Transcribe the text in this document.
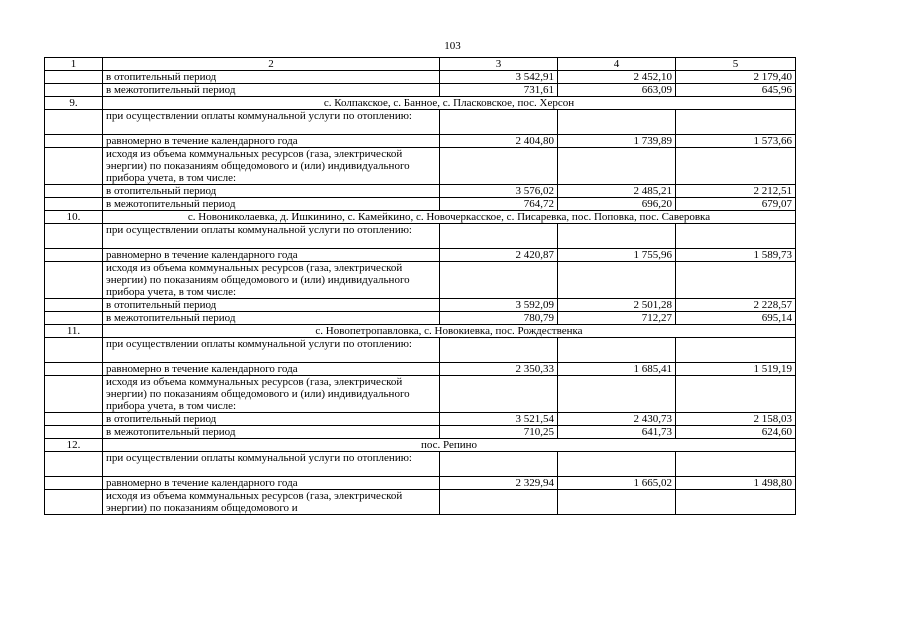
103
1	2	3	4	5
	в отопительный период	3 542,91	2 452,10	2 179,40
	в межотопительный период	731,61	663,09	645,96
9.	с. Колпакское, с. Банное, с. Пласковское, пос. Херсон			
	при осуществлении оплаты коммунальной услуги по отоплению:			
	равномерно в течение календарного года	2 404,80	1 739,89	1 573,66
	исходя из объема коммунальных ресурсов (газа, электрической энергии) по показаниям общедомового и (или) индивидуального прибора учета, в том числе:			
	в отопительный период	3 576,02	2 485,21	2 212,51
	в межотопительный период	764,72	696,20	679,07
10.	с. Новониколаевка, д. Ишкинино, с. Камейкино, с. Новочеркасское, с. Писаревка, пос. Поповка, пос. Саверовка			
	при осуществлении оплаты коммунальной услуги по отоплению:			
	равномерно в течение календарного года	2 420,87	1 755,96	1 589,73
	исходя из объема коммунальных ресурсов (газа, электрической энергии) по показаниям общедомового и (или) индивидуального прибора учета, в том числе:			
	в отопительный период	3 592,09	2 501,28	2 228,57
	в межотопительный период	780,79	712,27	695,14
11.	с. Новопетропавловка, с. Новокиевка, пос. Рождественка			
	при осуществлении оплаты коммунальной услуги по отоплению:			
	равномерно в течение календарного года	2 350,33	1 685,41	1 519,19
	исходя из объема коммунальных ресурсов (газа, электрической энергии) по показаниям общедомового и (или) индивидуального прибора учета, в том числе:			
	в отопительный период	3 521,54	2 430,73	2 158,03
	в межотопительный период	710,25	641,73	624,60
12.	пос. Репино			
	при осуществлении оплаты коммунальной услуги по отоплению:			
	равномерно в течение календарного года	2 329,94	1 665,02	1 498,80
	исходя из объема коммунальных ресурсов (газа, электрической энергии) по показаниям общедомового и			
